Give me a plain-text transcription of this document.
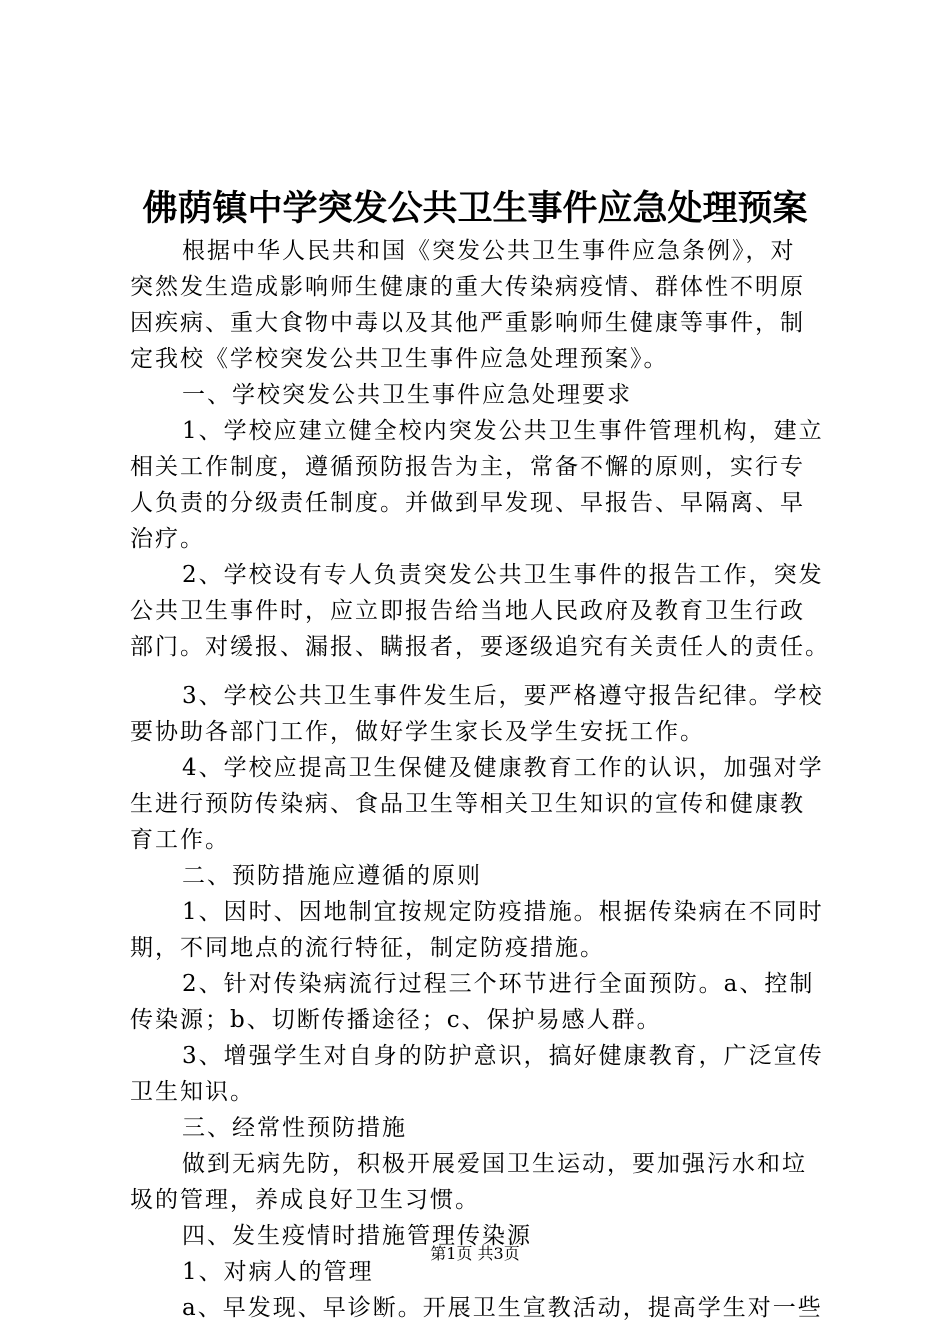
佛荫镇中学突发公共卫生事件应急处理预案
根据中华人民共和国《突发公共卫生事件应急条例》，对
突然发生造成影响师生健康的重大传染病疫情、群体性不明原
因疾病、重大食物中毒以及其他严重影响师生健康等事件，制
定我校《学校突发公共卫生事件应急处理预案》。
一、学校突发公共卫生事件应急处理要求
1、学校应建立健全校内突发公共卫生事件管理机构，建立
相关工作制度，遵循预防报告为主，常备不懈的原则，实行专
人负责的分级责任制度。并做到早发现、早报告、早隔离、早
治疗。
2、学校设有专人负责突发公共卫生事件的报告工作，突发
公共卫生事件时，应立即报告给当地人民政府及教育卫生行政
部门。对缓报、漏报、瞒报者，要逐级追究有关责任人的责任。
3、学校公共卫生事件发生后，要严格遵守报告纪律。学校
要协助各部门工作，做好学生家长及学生安抚工作。
4、学校应提高卫生保健及健康教育工作的认识，加强对学
生进行预防传染病、食品卫生等相关卫生知识的宣传和健康教
育工作。
二、预防措施应遵循的原则
1、因时、因地制宜按规定防疫措施。根据传染病在不同时
期，不同地点的流行特征，制定防疫措施。
2、针对传染病流行过程三个环节进行全面预防。a、控制
传染源；b、切断传播途径；c、保护易感人群。
3、增强学生对自身的防护意识，搞好健康教育，广泛宣传
卫生知识。
三、经常性预防措施
做到无病先防，积极开展爱国卫生运动，要加强污水和垃
圾的管理，养成良好卫生习惯。
四、发生疫情时措施管理传染源
1、对病人的管理
a、早发现、早诊断。开展卫生宣教活动，提高学生对一些
第1页 共3页
